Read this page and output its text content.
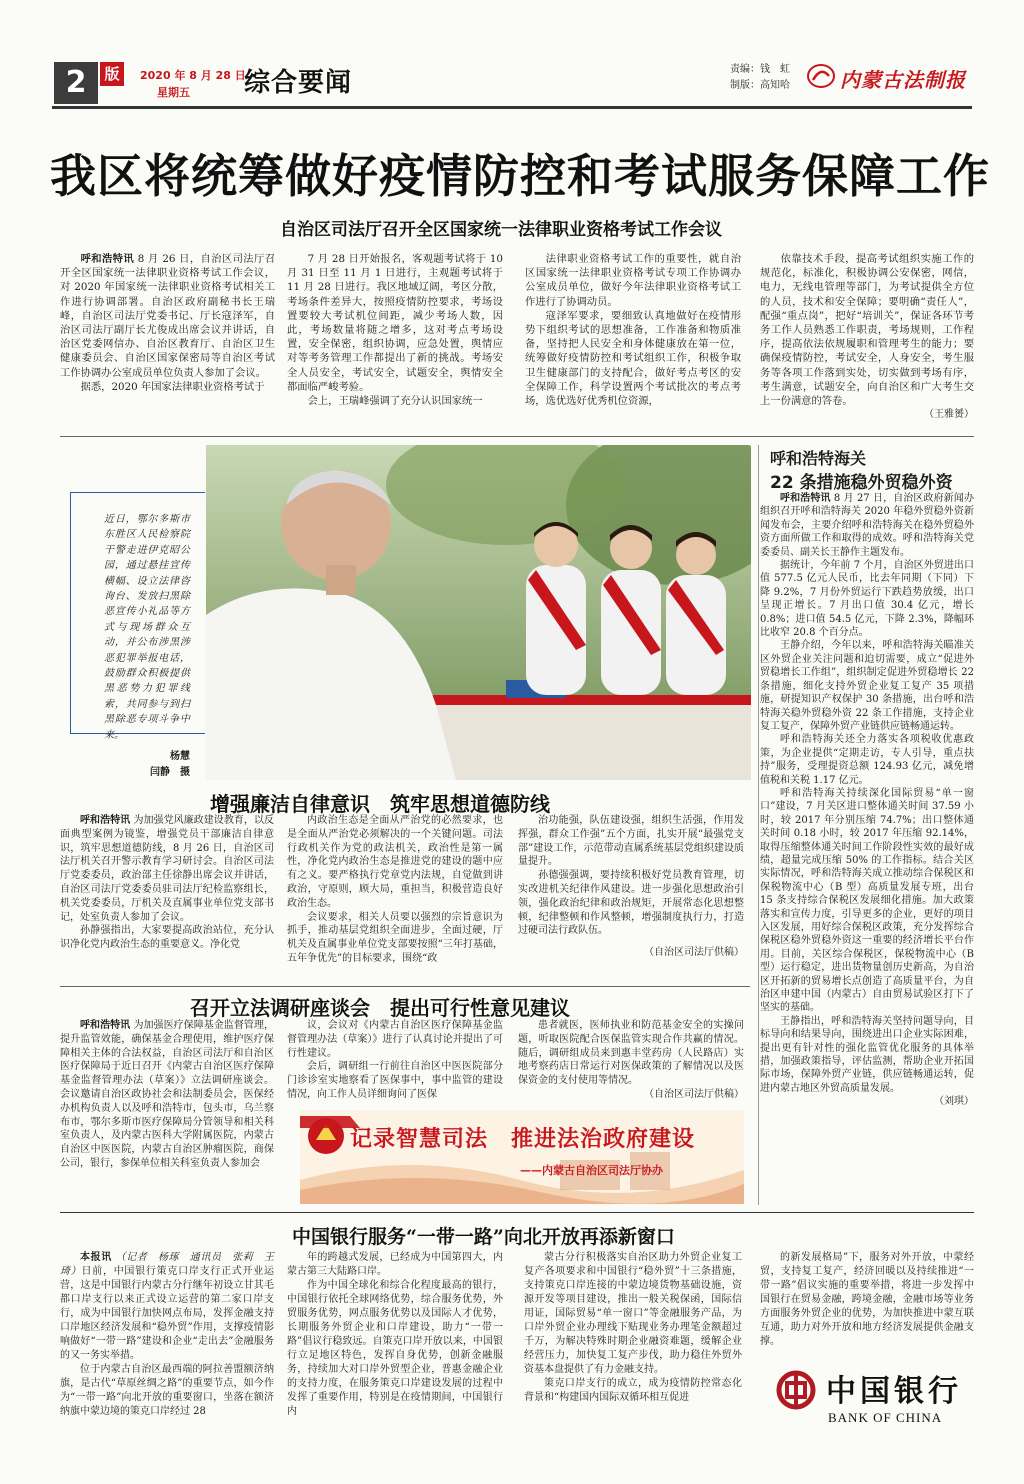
2	版	2020 年 8 月 28 日
星期五 综合要闻	责编：钱　虹
制版：高知哈	内蒙古法制报
我区将统筹做好疫情防控和考试服务保障工作
自治区司法厅召开全区国家统一法律职业资格考试工作会议

呼和浩特讯 8 月 26 日，自治区司法厅召开全区国家统一法律职业资格考试工作会议，对 2020 年国家统一法律职业资格考试相关工作进行协调部署。自治区政府副秘书长王瑞峰，自治区司法厅党委书记、厅长寇泽军，自治区司法厅副厅长尤俊成出席会议并讲话，自治区党委网信办、自治区教育厅、自治区卫生健康委员会、自治区国家保密局等自治区考试工作协调办公室成员单位负责人参加了会议。

据悉，2020 年国家法律职业资格考试于

7 月 28 日开始报名，客观题考试将于 10 月 31 日至 11 月 1 日进行，主观题考试将于 11 月 28 日进行。我区地域辽阔，考区分散，考场条件差异大，按照疫情防控要求，考场设置要较大考试机位间距，减少考场人数，因此，考场数量将随之增多，这对考点考场设置，安全保密，组织协调，应急处置，舆情应对等考务管理工作都提出了新的挑战。考场安全人员安全，考试安全，试题安全，舆情安全都面临严峻考验。

会上，王瑞峰强调了充分认识国家统一

法律职业资格考试工作的重要性，就自治区国家统一法律职业资格考试专项工作协调办公室成员单位，做好今年法律职业资格考试工作进行了协调动员。

寇泽军要求，要细致认真地做好在疫情形势下组织考试的思想准备，工作准备和物质准备，坚持把人民安全和身体健康放在第一位，统筹做好疫情防控和考试组织工作，积极争取卫生健康部门的支持配合，做好考点考区的安全保障工作，科学设置两个考试批次的考点考场，选优选好优秀机位资源，

依靠技术手段，提高考试组织实施工作的规范化，标准化，积极协调公安保密，网信，电力，无线电管理等部门，为考试提供全方位的人员，技术和安全保障；要明确“责任人”，配强“重点岗”，把好“培训关”，保证各环节考务工作人员熟悉工作职责，考场规则，工作程序，提高依法依规履职和管理考生的能力；要确保疫情防控，考试安全，人身安全，考生服务等各项工作落到实处，切实做到考场有序，考生满意，试题安全，向自治区和广大考生交上一份满意的答卷。

（王雅赟）

近日，鄂尔多斯市东胜区人民检察院干警走进伊克昭公园，通过悬挂宣传横幅、设立法律咨询台、发放扫黑除恶宣传小礼品等方式与现场群众互动，并公布涉黑涉恶犯罪举报电话，鼓励群众积极提供黑恶势力犯罪线索，共同参与到扫黑除恶专项斗争中来。
杨慧
闫静　摄
呼和浩特海关
22 条措施稳外贸稳外资

呼和浩特讯 8 月 27 日，自治区政府新闻办组织召开呼和浩特海关 2020 年稳外贸稳外资新闻发布会，主要介绍呼和浩特海关在稳外贸稳外资方面所做工作和取得的成效。呼和浩特海关党委委员、副关长王静作主题发布。

据统计，今年前 7 个月，自治区外贸进出口值 577.5 亿元人民币，比去年同期（下同）下降 9.2%，7 月份外贸运行下跌趋势放缓，出口呈现正增长。7 月出口值 30.4 亿元，增长 0.8%；进口值 54.5 亿元，下降 2.3%，降幅环比收窄 20.8 个百分点。

王静介绍，今年以来，呼和浩特海关瞄准关区外贸企业关注问题和迫切需要，成立“促进外贸稳增长工作组”，组织制定促进外贸稳增长 22 条措施，细化支持外贸企业复工复产 35 项措施，研提知识产权保护 30 条措施，出台呼和浩特海关稳外贸稳外资 22 条工作措施，支持企业复工复产，保障外贸产业链供应链畅通运转。

呼和浩特海关还全力落实各项税收优惠政策，为企业提供“定期走访，专人引导，重点扶持”服务，受理提资总额 124.93 亿元，减免增值税和关税 1.17 亿元。

呼和浩特海关持续深化国际贸易“单一窗口”建设，7 月关区进口整体通关时间 37.59 小时，较 2017 年分别压缩 74.7%；出口整体通关时间 0.18 小时，较 2017 年压缩 92.14%，取得压缩整体通关时间工作阶段性实效的最好成绩，超量完成压缩 50% 的工作指标。结合关区实际情况，呼和浩特海关成立推动综合保税区和保税物流中心（B 型）高质量发展专班，出台 15 条支持综合保税区发展细化措施。加大政策落实和宣传力度，引导更多的企业，更好的项目入区发展，用好综合保税区政策，充分发挥综合保税区稳外贸稳外资这一重要的经济增长平台作用。目前，关区综合保税区，保税物流中心（B 型）运行稳定，进出货物量创历史新高，为自治区开拓新的贸易增长点创造了高质量平台，为自治区申建中国（内蒙古）自由贸易试验区打下了坚实的基础。

王静指出，呼和浩特海关坚持问题导向，目标导向和结果导向，围绕进出口企业实际困难，提出更有针对性的强化监管优化服务的具体举措，加强政策指导，评估监测，帮助企业开拓国际市场，保障外贸产业链，供应链畅通运转，促进内蒙古地区外贸高质量发展。

（刘琪）

增强廉洁自律意识　筑牢思想道德防线

呼和浩特讯 为加强党风廉政建设教育，以反面典型案例为镜鉴，增强党员干部廉洁自律意识，筑牢思想道德防线，8 月 26 日，自治区司法厅机关召开警示教育学习研讨会。自治区司法厅党委委员，政治部主任徐静出席会议并讲话，自治区司法厅党委委员驻司法厅纪检监察组长，机关党委委员，厅机关及直属事业单位党支部书记，处室负责人参加了会议。

孙静强指出，大家要提高政治站位，充分认识净化党内政治生态的重要意义。净化党

内政治生态是全面从严治党的必然要求，也是全面从严治党必须解决的一个关键问题。司法行政机关作为党的政法机关，政治性是第一属性，净化党内政治生态是推进党的建设的题中应有之义。要严格执行党章党内法规，自觉做到讲政治，守原则，顾大局，重担当，积极营造良好政治生态。

会议要求，相关人员要以强烈的宗旨意识为抓手，推动基层党组织全面进步，全面过硬，厅机关及直属事业单位党支部要按照“三年打基础，五年争优先”的目标要求，围绕“政

治功能强，队伍建设强，组织生活强，作用发挥强，群众工作强”五个方面，扎实开展“最强党支部”建设工作，示范带动直属系统基层党组织建设质量提升。

孙德强强调，要持续积极好党员教育管理，切实改进机关纪律作风建设。进一步强化思想政治引领，强化政治纪律和政治规矩，开展常态化思想整顿，纪律整顿和作风整顿，增强制度执行力，打造过硬司法行政队伍。

（自治区司法厅供稿）

召开立法调研座谈会　提出可行性意见建议

呼和浩特讯 为加强医疗保障基金监督管理，提升监管效能，确保基金合理使用，维护医疗保障相关主体的合法权益，自治区司法厅和自治区医疗保障局于近日召开《内蒙古自治区医疗保障基金监督管理办法（草案）》立法调研座谈会。会议邀请自治区政协社会和法制委员会，医保经办机构负责人以及呼和浩特市，包头市，乌兰察布市，鄂尔多斯市医疗保障局分管领导和相关科室负责人，及内蒙古医科大学附属医院，内蒙古自治区中医医院，内蒙古自治区肿瘤医院，商保公司，银行，参保单位相关科室负责人参加会

议，会议对《内蒙古自治区医疗保障基金监督管理办法（草案）》进行了认真讨论并提出了可行性建议。

会后，调研组一行前往自治区中医医院部分门诊诊室实地察看了医保事中，事中监管的建设情况，向工作人员详细询问了医保

患者就医，医师执业和防范基金安全的实操问题，听取医院配合医保监管实现合作共赢的情况。随后，调研组成员来到惠丰堂药房（人民路店）实地考察药店日常运行对医保政策的了解情况以及医保资金的支付使用等情况。

（自治区司法厅供稿）

记录智慧司法　推进法治政府建设
——内蒙古自治区司法厅协办
中国银行服务“一带一路”向北开放再添新窗口

本报讯 （记者　杨琢　通讯员　张莉　王琦）日前，中国银行策克口岸支行正式开业运营，这是中国银行内蒙古分行继年初设立甘其毛都口岸支行以来正式设立运营的第二家口岸支行，成为中国银行加快网点布局，发挥金融支持口岸地区经济发展和“稳外贸”作用，支撑疫情影响做好“一带一路”建设和企业“走出去”金融服务的又一务实举措。

位于内蒙古自治区最西端的阿拉善盟额济纳旗，是古代“草原丝绸之路”的重要节点，如今作为“一带一路”向北开放的重要窗口，坐落在额济纳旗中蒙边境的策克口岸经过 28

年的跨越式发展，已经成为中国第四大，内蒙古第三大陆路口岸。

作为中国全球化和综合化程度最高的银行，中国银行依托全球网络优势，综合服务优势，外贸服务优势，网点服务优势以及国际人才优势，长期服务外贸企业和口岸建设，助力“一带一路”倡议行稳致远。自策克口岸开放以来，中国银行立足地区特色，发挥自身优势，创新金融服务，持续加大对口岸外贸型企业，普惠金融企业的支持力度，在服务策克口岸建设发展的过程中发挥了重要作用，特别是在疫情期间，中国银行内

蒙古分行积极落实自治区助力外贸企业复工复产各项要求和中国银行“稳外贸”十三条措施，支持策克口岸连接的中蒙边境货物基础设施，资源开发等项目建设，推出一般关税保函，国际信用证，国际贸易“单一窗口”等金融服务产品，为口岸外贸企业办理线下贴现业务办理笔金额超过千万，为解决特殊时期企业融资难题，缓解企业经营压力，加快复工复产步伐，助力稳住外贸外资基本盘提供了有力金融支持。

策克口岸支行的成立，成为疫情防控常态化背景和“构建国内国际双循环相互促进

的新发展格局”下，服务对外开放，中蒙经贸，支持复工复产，经济回暖以及持续推进“一带一路”倡议实施的重要举措，将进一步发挥中国银行在贸易金融，跨境金融，金融市场等业务方面服务外贸企业的优势，为加快推进中蒙互联互通，助力对外开放和地方经济发展提供金融支撑。

中国银行
BANK OF CHINA
